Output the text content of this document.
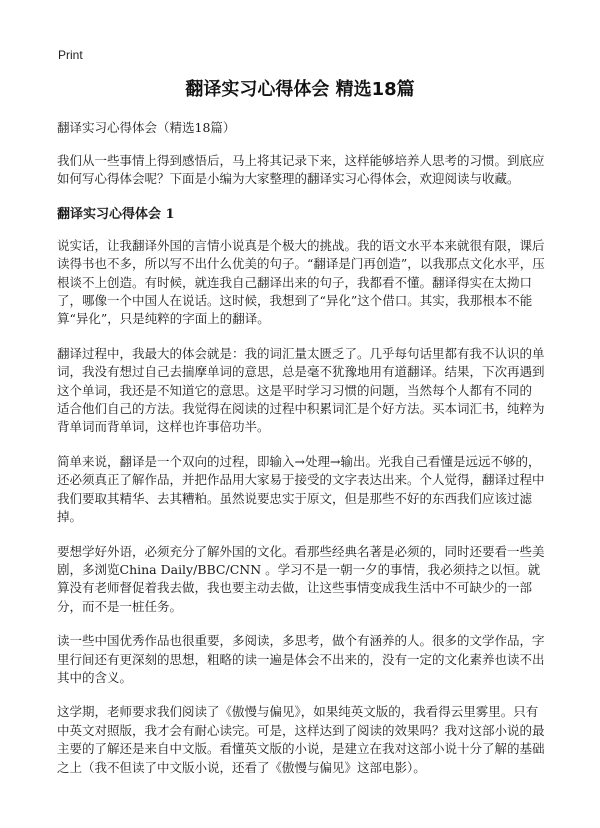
Print
翻译实习心得体会 精选18篇

翻译实习心得体会（精选18篇）

我们从一些事情上得到感悟后，马上将其记录下来，这样能够培养人思考的习惯。到底应如何写心得体会呢？下面是小编为大家整理的翻译实习心得体会，欢迎阅读与收藏。

翻译实习心得体会 1

说实话，让我翻译外国的言情小说真是个极大的挑战。我的语文水平本来就很有限，课后读得书也不多，所以写不出什么优美的句子。“翻译是门再创造”，以我那点文化水平，压根谈不上创造。有时候，就连我自己翻译出来的句子，我都看不懂。翻译得实在太拗口了，哪像一个中国人在说话。这时候，我想到了“异化”这个借口。其实，我那根本不能算“异化”，只是纯粹的字面上的翻译。

翻译过程中，我最大的体会就是：我的词汇量太匮乏了。几乎每句话里都有我不认识的单词，我没有想过自己去揣摩单词的意思，总是毫不犹豫地用有道翻译。结果，下次再遇到这个单词，我还是不知道它的意思。这是平时学习习惯的问题，当然每个人都有不同的 适合他们自己的方法。我觉得在阅读的过程中积累词汇是个好方法。买本词汇书，纯粹为背单词而背单词，这样也许事倍功半。

简单来说，翻译是一个双向的过程，即输入→处理→输出。光我自己看懂是远远不够的，还必须真正了解作品，并把作品用大家易于接受的文字表达出来。个人觉得，翻译过程中我们要取其精华、去其糟粕。虽然说要忠实于原文，但是那些不好的东西我们应该过滤掉。

要想学好外语，必须充分了解外国的文化。看那些经典名著是必须的，同时还要看一些美剧，多浏览China Daily/BBC/CNN 。学习不是一朝一夕的事情，我必须持之以恒。就算没有老师督促着我去做，我也要主动去做，让这些事情变成我生活中不可缺少的一部分，而不是一桩任务。

读一些中国优秀作品也很重要，多阅读，多思考，做个有涵养的人。很多的文学作品，字里行间还有更深刻的思想，粗略的读一遍是体会不出来的，没有一定的文化素养也读不出其中的含义。

这学期，老师要求我们阅读了《傲慢与偏见》，如果纯英文版的，我看得云里雾里。只有中英文对照版，我才会有耐心读完。可是，这样达到了阅读的效果吗？我对这部小说的最主要的了解还是来自中文版。看懂英文版的小说，是建立在我对这部小说十分了解的基础之上（我不但读了中文版小说，还看了《傲慢与偏见》这部电影）。
